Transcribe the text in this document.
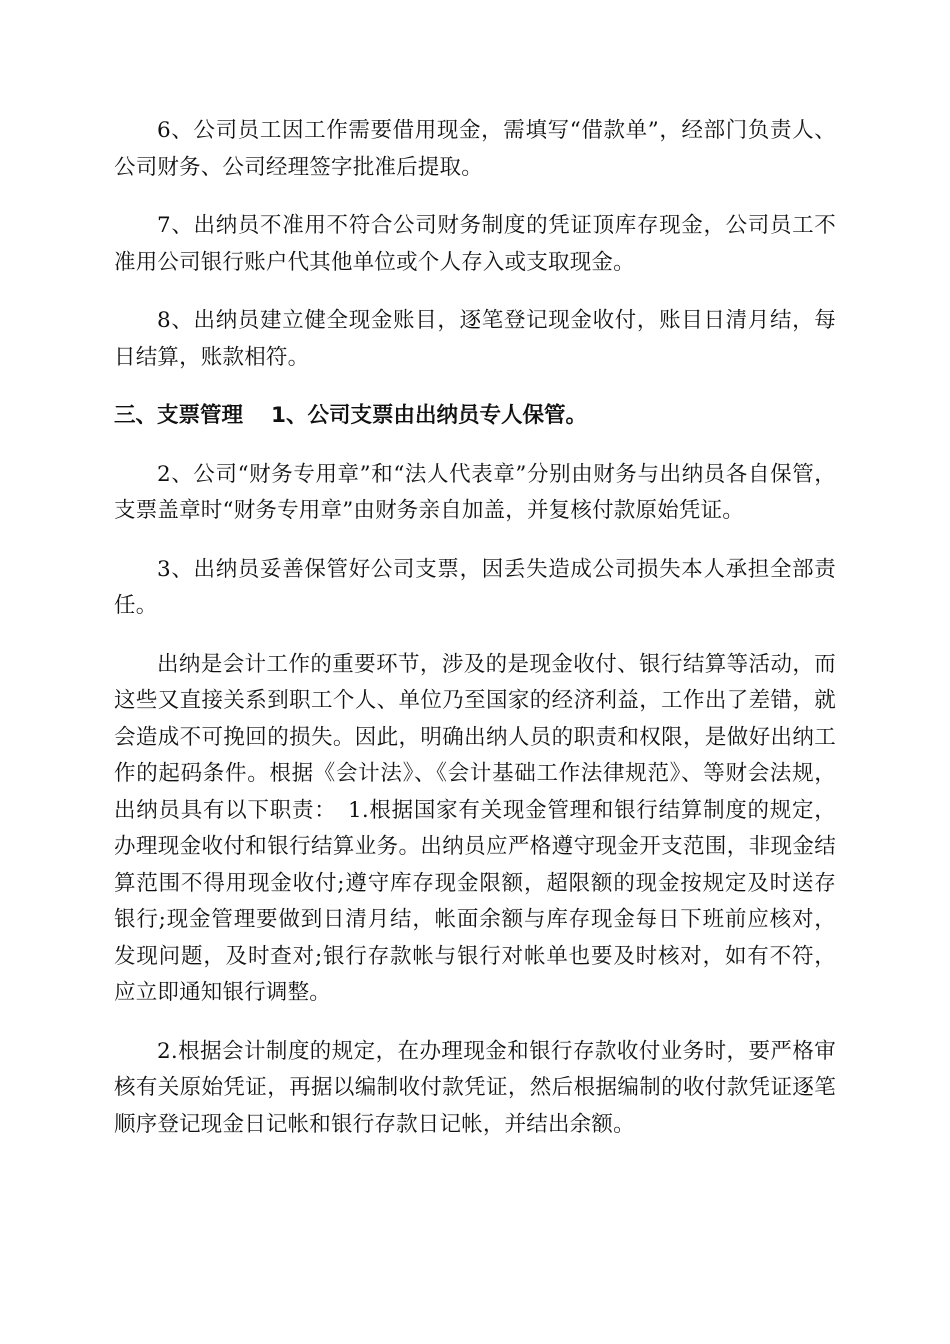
6、公司员工因工作需要借用现金，需填写“借款单”，经部门负责人、公司财务、公司经理签字批准后提取。

7、出纳员不准用不符合公司财务制度的凭证顶库存现金，公司员工不准用公司银行账户代其他单位或个人存入或支取现金。

8、出纳员建立健全现金账目，逐笔登记现金收付，账目日清月结，每日结算，账款相符。

三、支票管理 1、公司支票由出纳员专人保管。

2、公司“财务专用章”和“法人代表章”分别由财务与出纳员各自保管，支票盖章时“财务专用章”由财务亲自加盖，并复核付款原始凭证。

3、出纳员妥善保管好公司支票，因丢失造成公司损失本人承担全部责任。

出纳是会计工作的重要环节，涉及的是现金收付、银行结算等活动，而这些又直接关系到职工个人、单位乃至国家的经济利益，工作出了差错，就会造成不可挽回的损失。因此，明确出纳人员的职责和权限，是做好出纳工作的起码条件。根据《会计法》、《会计基础工作法律规范》、等财会法规，出纳员具有以下职责：　1.根据国家有关现金管理和银行结算制度的规定，办理现金收付和银行结算业务。出纳员应严格遵守现金开支范围，非现金结算范围不得用现金收付;遵守库存现金限额，超限额的现金按规定及时送存银行;现金管理要做到日清月结，帐面余额与库存现金每日下班前应核对，发现问题，及时查对;银行存款帐与银行对帐单也要及时核对，如有不符，应立即通知银行调整。

2.根据会计制度的规定，在办理现金和银行存款收付业务时，要严格审核有关原始凭证，再据以编制收付款凭证，然后根据编制的收付款凭证逐笔顺序登记现金日记帐和银行存款日记帐，并结出余额。
